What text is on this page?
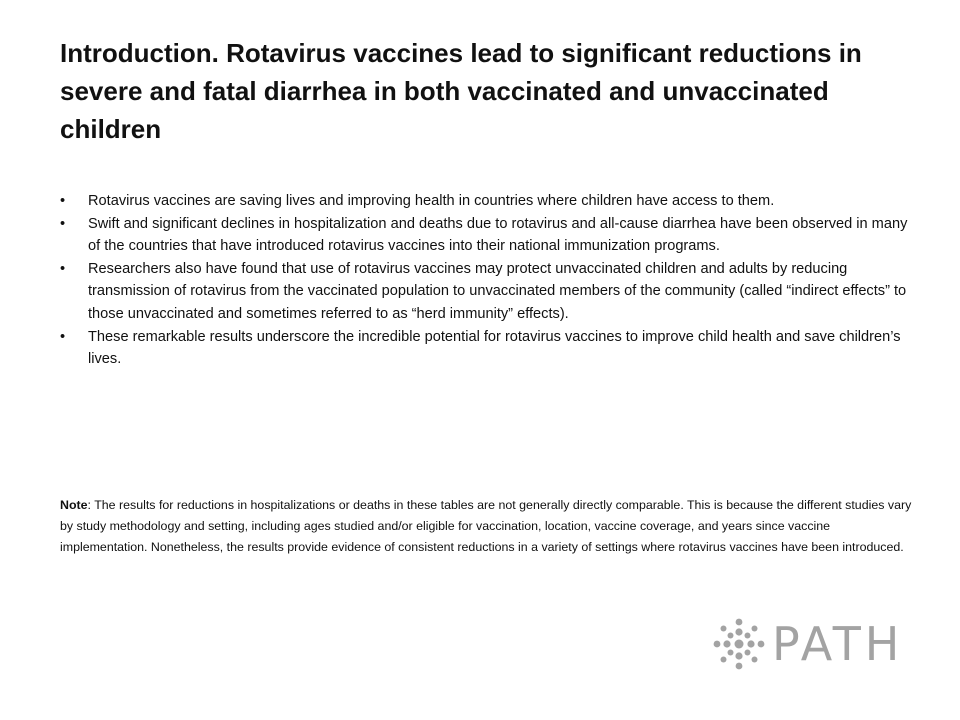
Introduction. Rotavirus vaccines lead to significant reductions in severe and fatal diarrhea in both vaccinated and unvaccinated children
• Rotavirus vaccines are saving lives and improving health in countries where children have access to them.
• Swift and significant declines in hospitalization and deaths due to rotavirus and all-cause diarrhea have been observed in many of the countries that have introduced rotavirus vaccines into their national immunization programs.
• Researchers also have found that use of rotavirus vaccines may protect unvaccinated children and adults by reducing transmission of rotavirus from the vaccinated population to unvaccinated members of the community (called “indirect effects” to those unvaccinated and sometimes referred to as “herd immunity” effects).
• These remarkable results underscore the incredible potential for rotavirus vaccines to improve child health and save children’s lives.

Note: The results for reductions in hospitalizations or deaths in these tables are not generally directly comparable. This is because the different studies vary by study methodology and setting, including ages studied and/or eligible for vaccination, location, vaccine coverage, and years since vaccine implementation. Nonetheless, the results provide evidence of consistent reductions in a variety of settings where rotavirus vaccines have been introduced.

PATH
